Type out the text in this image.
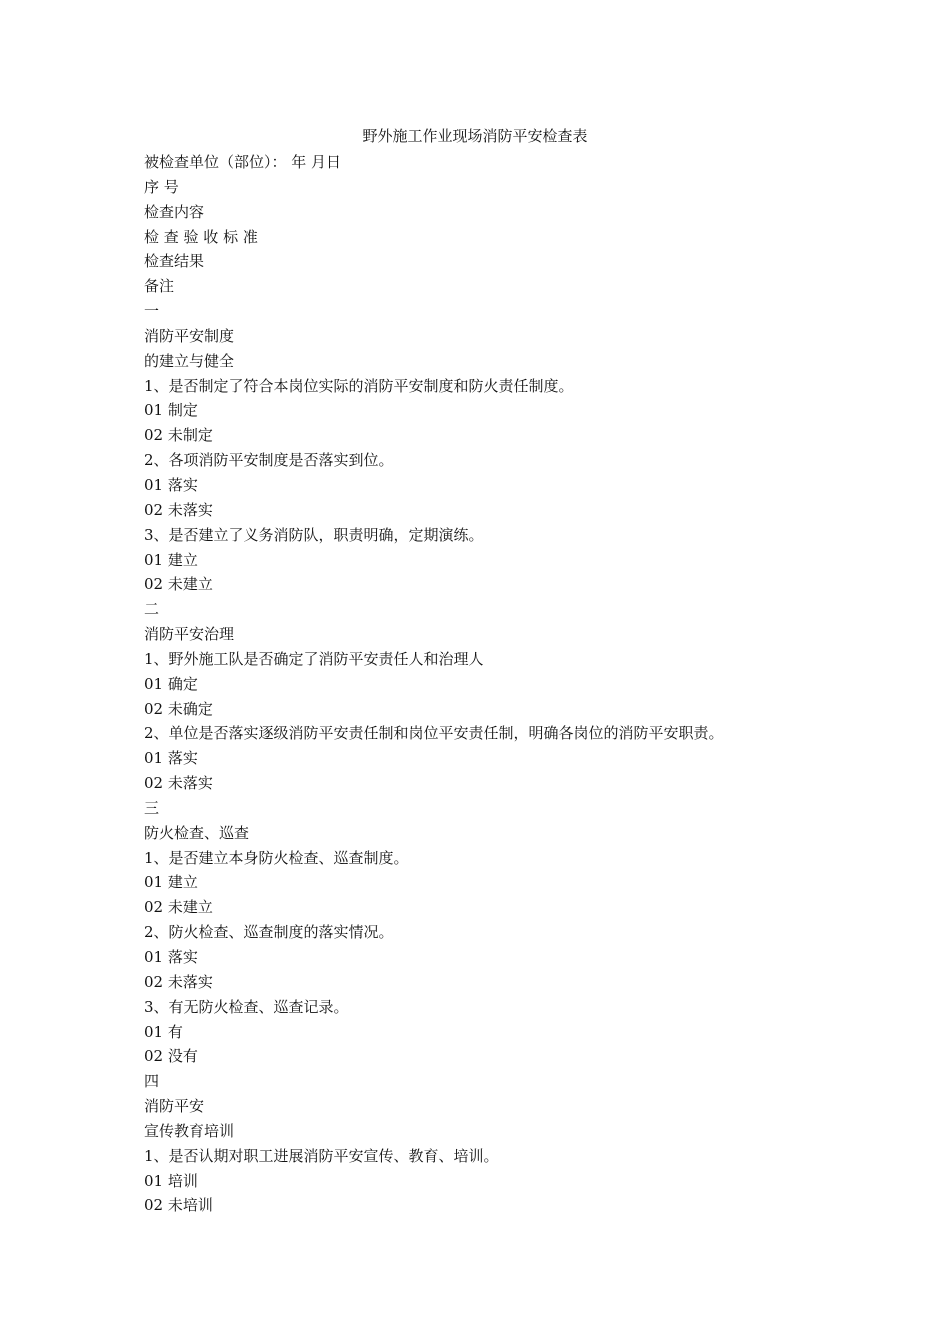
野外施工作业现场消防平安检查表
被检查单位（部位）： 年 月日
序 号
检查内容
检 查 验 收 标 准
检查结果
备注
一
消防平安制度
的建立与健全
1、是否制定了符合本岗位实际的消防平安制度和防火责任制度。
01 制定
02 未制定
2、各项消防平安制度是否落实到位。
01 落实
02 未落实
3、是否建立了义务消防队，职责明确，定期演练。
01 建立
02 未建立
二
消防平安治理
1、野外施工队是否确定了消防平安责任人和治理人
01 确定
02 未确定
2、单位是否落实逐级消防平安责任制和岗位平安责任制，明确各岗位的消防平安职责。
01 落实
02 未落实
三
防火检查、巡查
1、是否建立本身防火检查、巡查制度。
01 建立
02 未建立
2、防火检查、巡查制度的落实情况。
01 落实
02 未落实
3、有无防火检查、巡查记录。
01 有
02 没有
四
消防平安
宣传教育培训
1、是否认期对职工进展消防平安宣传、教育、培训。
01 培训
02 未培训
